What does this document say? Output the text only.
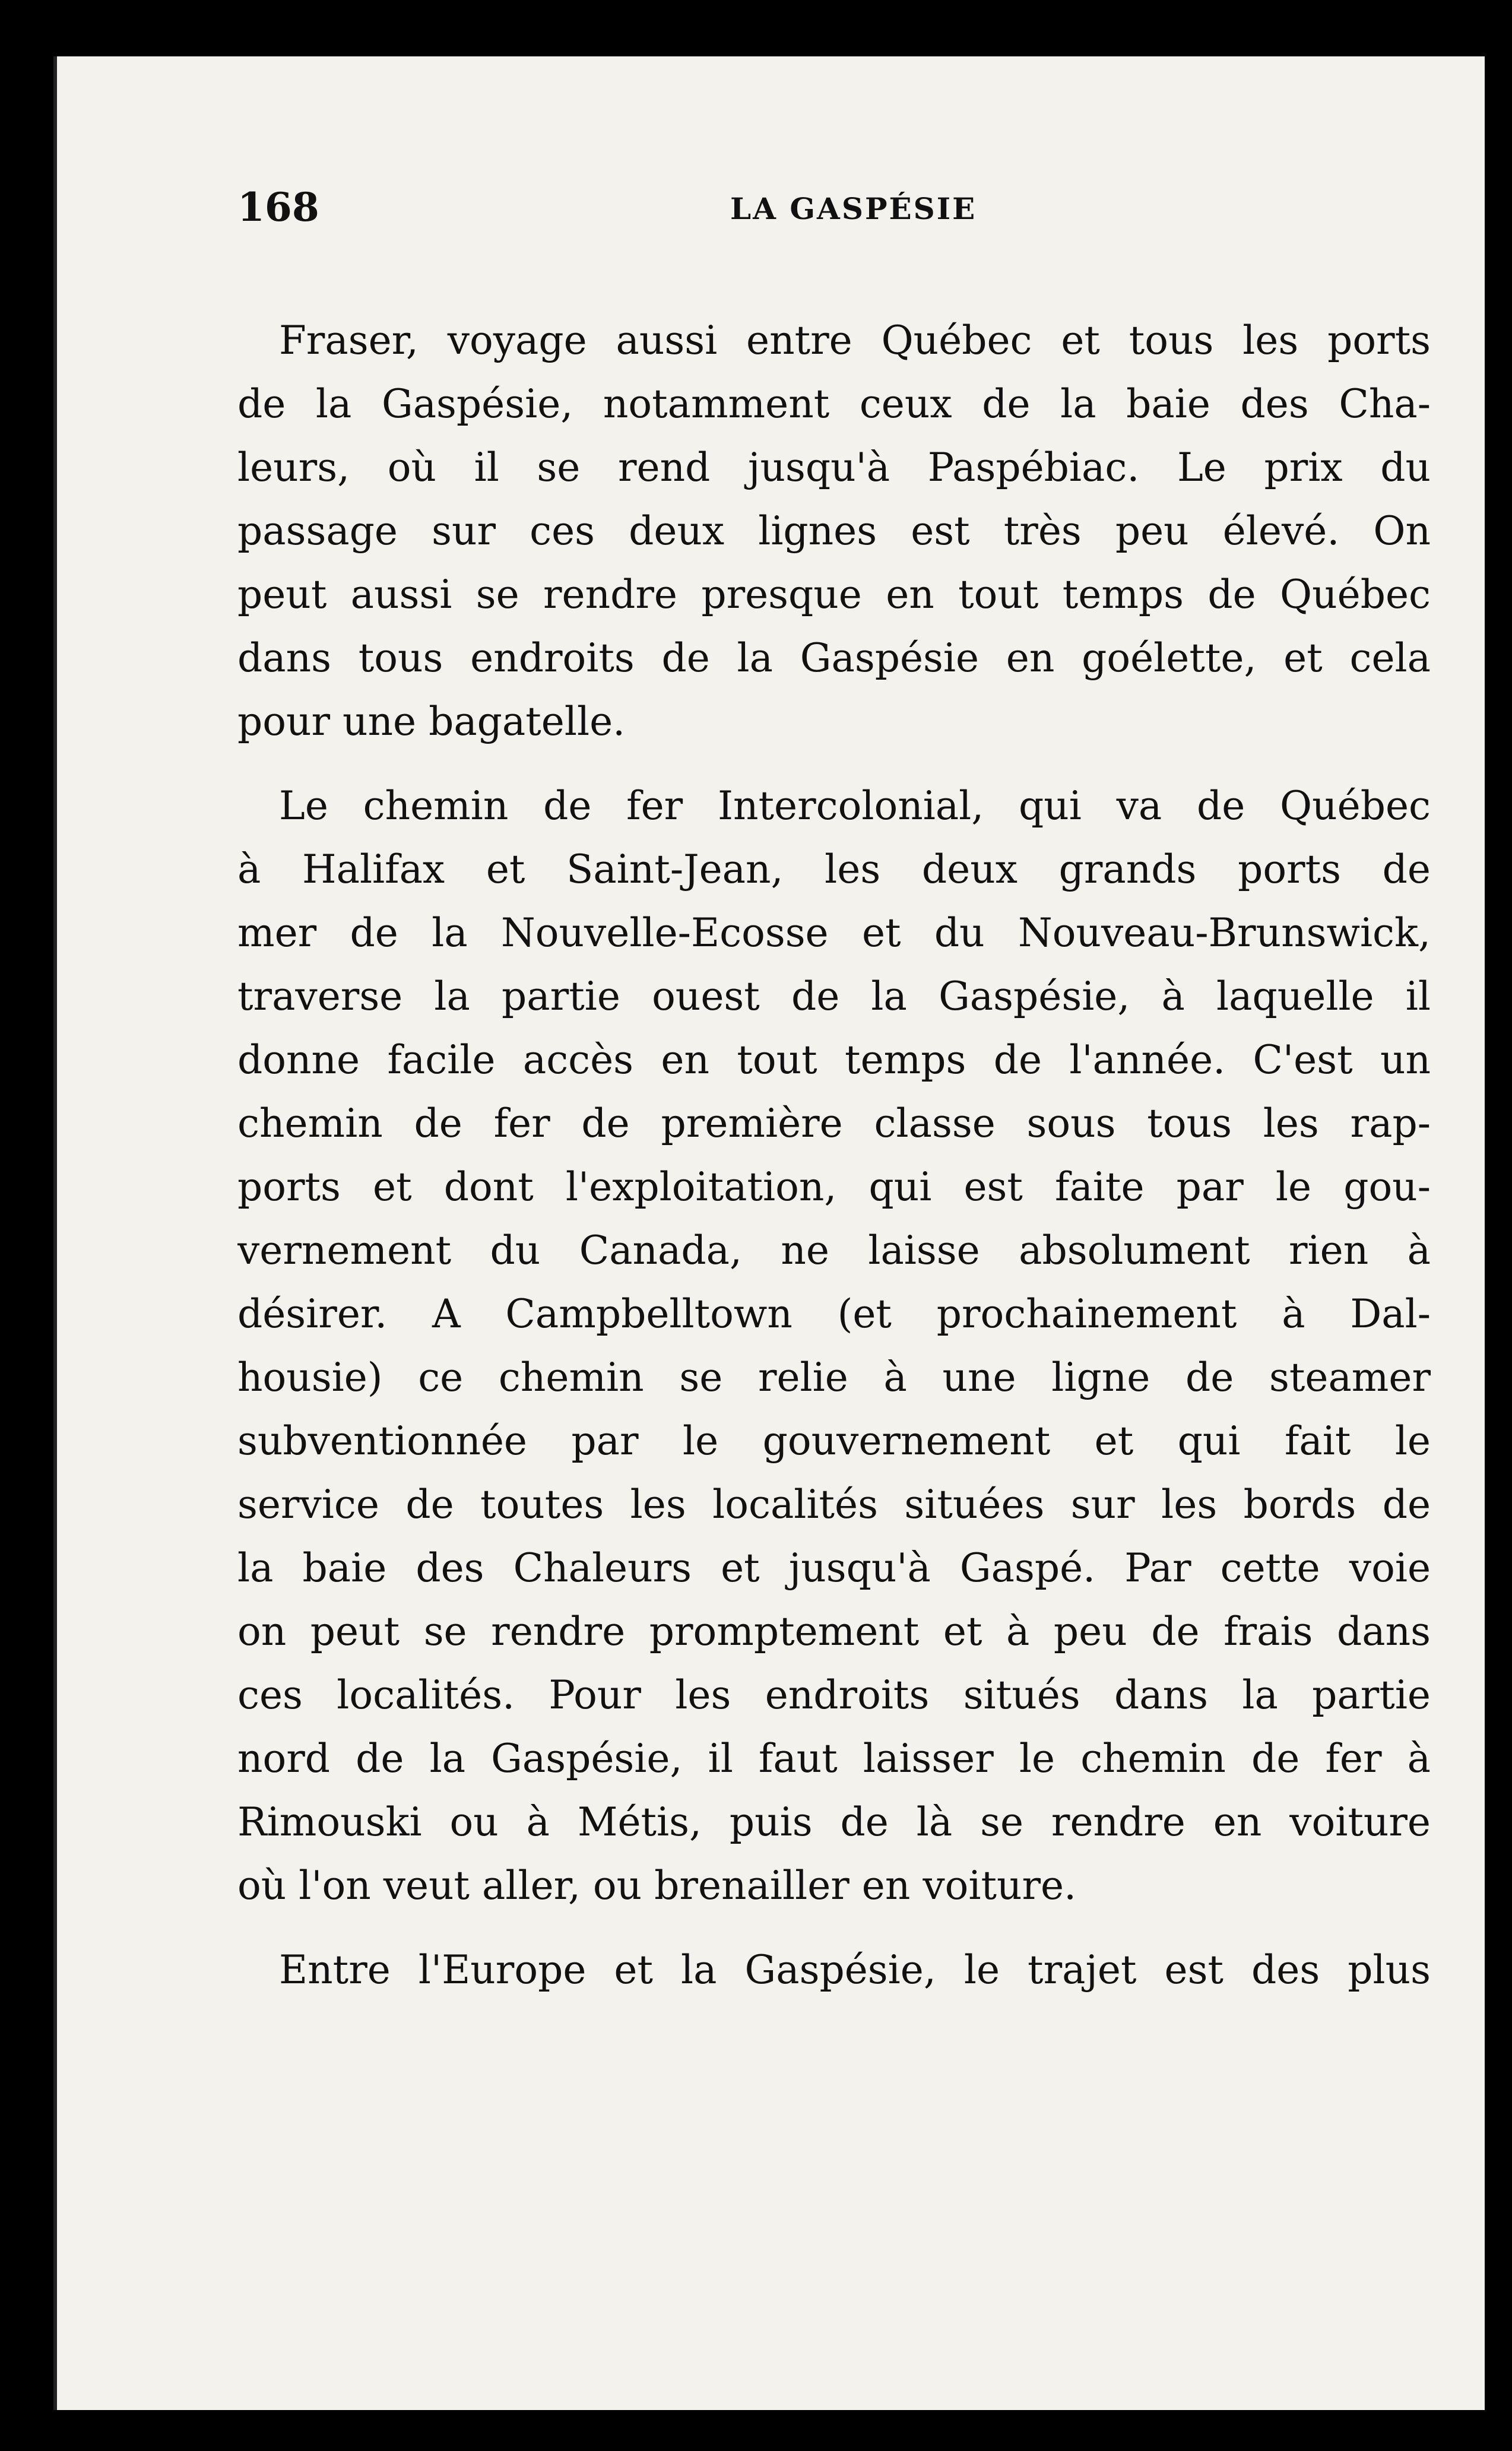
168	LA GASPÉSIE
Fraser, voyage aussi entre Québec et tous les ports
de la Gaspésie, notamment ceux de la baie des Cha-
leurs, où il se rend jusqu'à Paspébiac. Le prix du
passage sur ces deux lignes est très peu élevé. On
peut aussi se rendre presque en tout temps de Québec
dans tous endroits de la Gaspésie en goélette, et cela
pour une bagatelle.
Le chemin de fer Intercolonial, qui va de Québec
à Halifax et Saint-Jean, les deux grands ports de
mer de la Nouvelle-Ecosse et du Nouveau-Brunswick,
traverse la partie ouest de la Gaspésie, à laquelle il
donne facile accès en tout temps de l'année. C'est un
chemin de fer de première classe sous tous les rap-
ports et dont l'exploitation, qui est faite par le gou-
vernement du Canada, ne laisse absolument rien à
désirer. A Campbelltown (et prochainement à Dal-
housie) ce chemin se relie à une ligne de steamer
subventionnée par le gouvernement et qui fait le
service de toutes les localités situées sur les bords de
la baie des Chaleurs et jusqu'à Gaspé. Par cette voie
on peut se rendre promptement et à peu de frais dans
ces localités. Pour les endroits situés dans la partie
nord de la Gaspésie, il faut laisser le chemin de fer à
Rimouski ou à Métis, puis de là se rendre en voiture
où l'on veut aller, ou brenailler en voiture.
Entre l'Europe et la Gaspésie, le trajet est des plus
